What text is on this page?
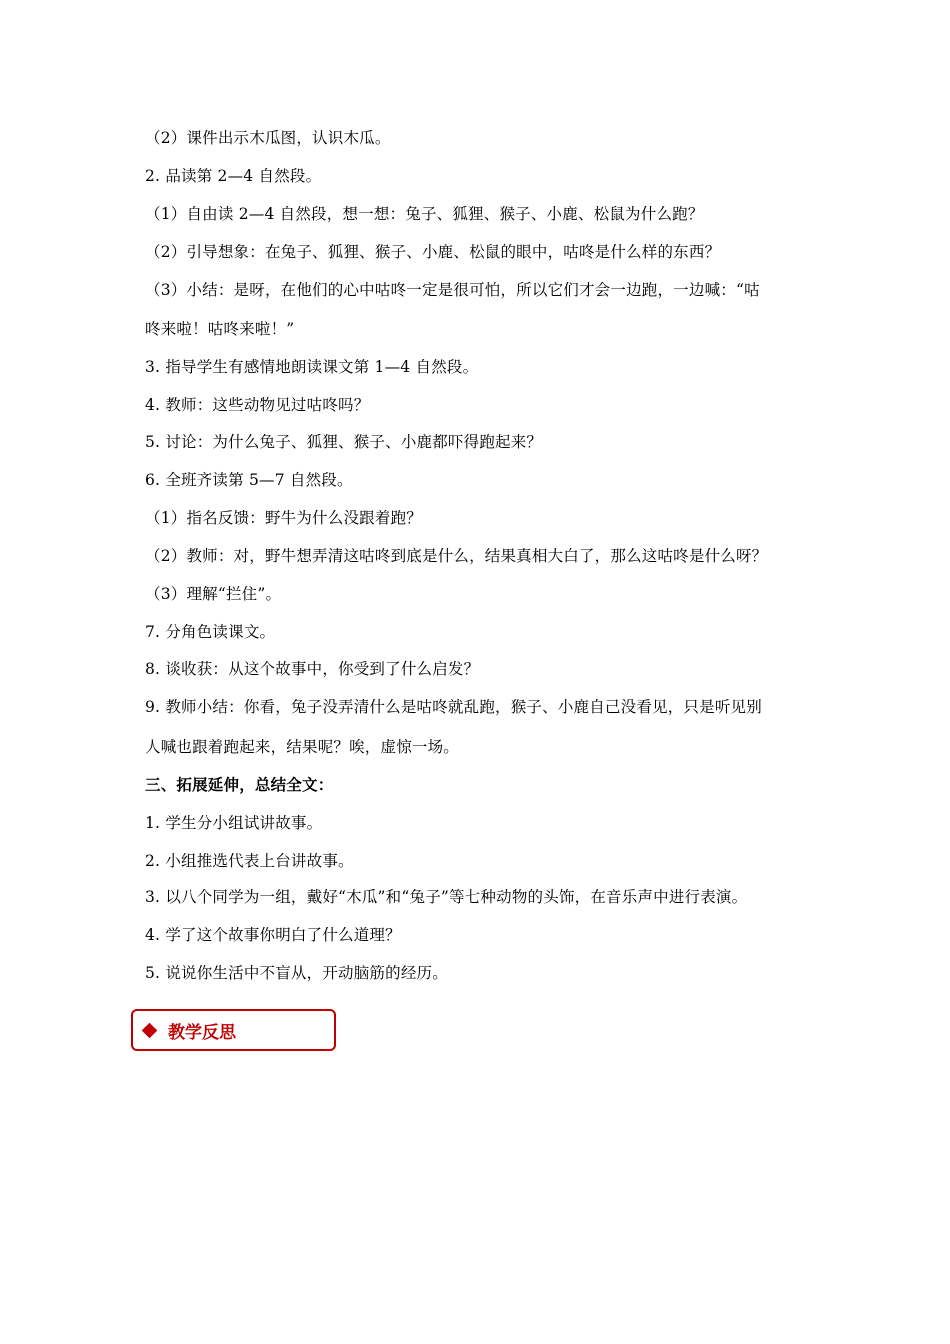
（2）课件出示木瓜图，认识木瓜。
2. 品读第 2—4 自然段。
（1）自由读 2—4 自然段，想一想：兔子、狐狸、猴子、小鹿、松鼠为什么跑？
（2）引导想象：在兔子、狐狸、猴子、小鹿、松鼠的眼中，咕咚是什么样的东西？
（3）小结：是呀，在他们的心中咕咚一定是很可怕，所以它们才会一边跑，一边喊：“咕
咚来啦！咕咚来啦！”
3. 指导学生有感情地朗读课文第 1—4 自然段。
4. 教师：这些动物见过咕咚吗？
5. 讨论：为什么兔子、狐狸、猴子、小鹿都吓得跑起来？
6. 全班齐读第 5—7 自然段。
（1）指名反馈：野牛为什么没跟着跑？
（2）教师：对，野牛想弄清这咕咚到底是什么，结果真相大白了，那么这咕咚是什么呀？
（3）理解“拦住”。
7. 分角色读课文。
8. 谈收获：从这个故事中，你受到了什么启发？
9. 教师小结：你看，兔子没弄清什么是咕咚就乱跑，猴子、小鹿自己没看见，只是听见别
人喊也跟着跑起来，结果呢？唉，虚惊一场。
三、拓展延伸，总结全文：
1. 学生分小组试讲故事。
2. 小组推选代表上台讲故事。
3. 以八个同学为一组，戴好“木瓜”和“兔子”等七种动物的头饰，在音乐声中进行表演。
4. 学了这个故事你明白了什么道理？
5. 说说你生活中不盲从，开动脑筋的经历。
教学反思
